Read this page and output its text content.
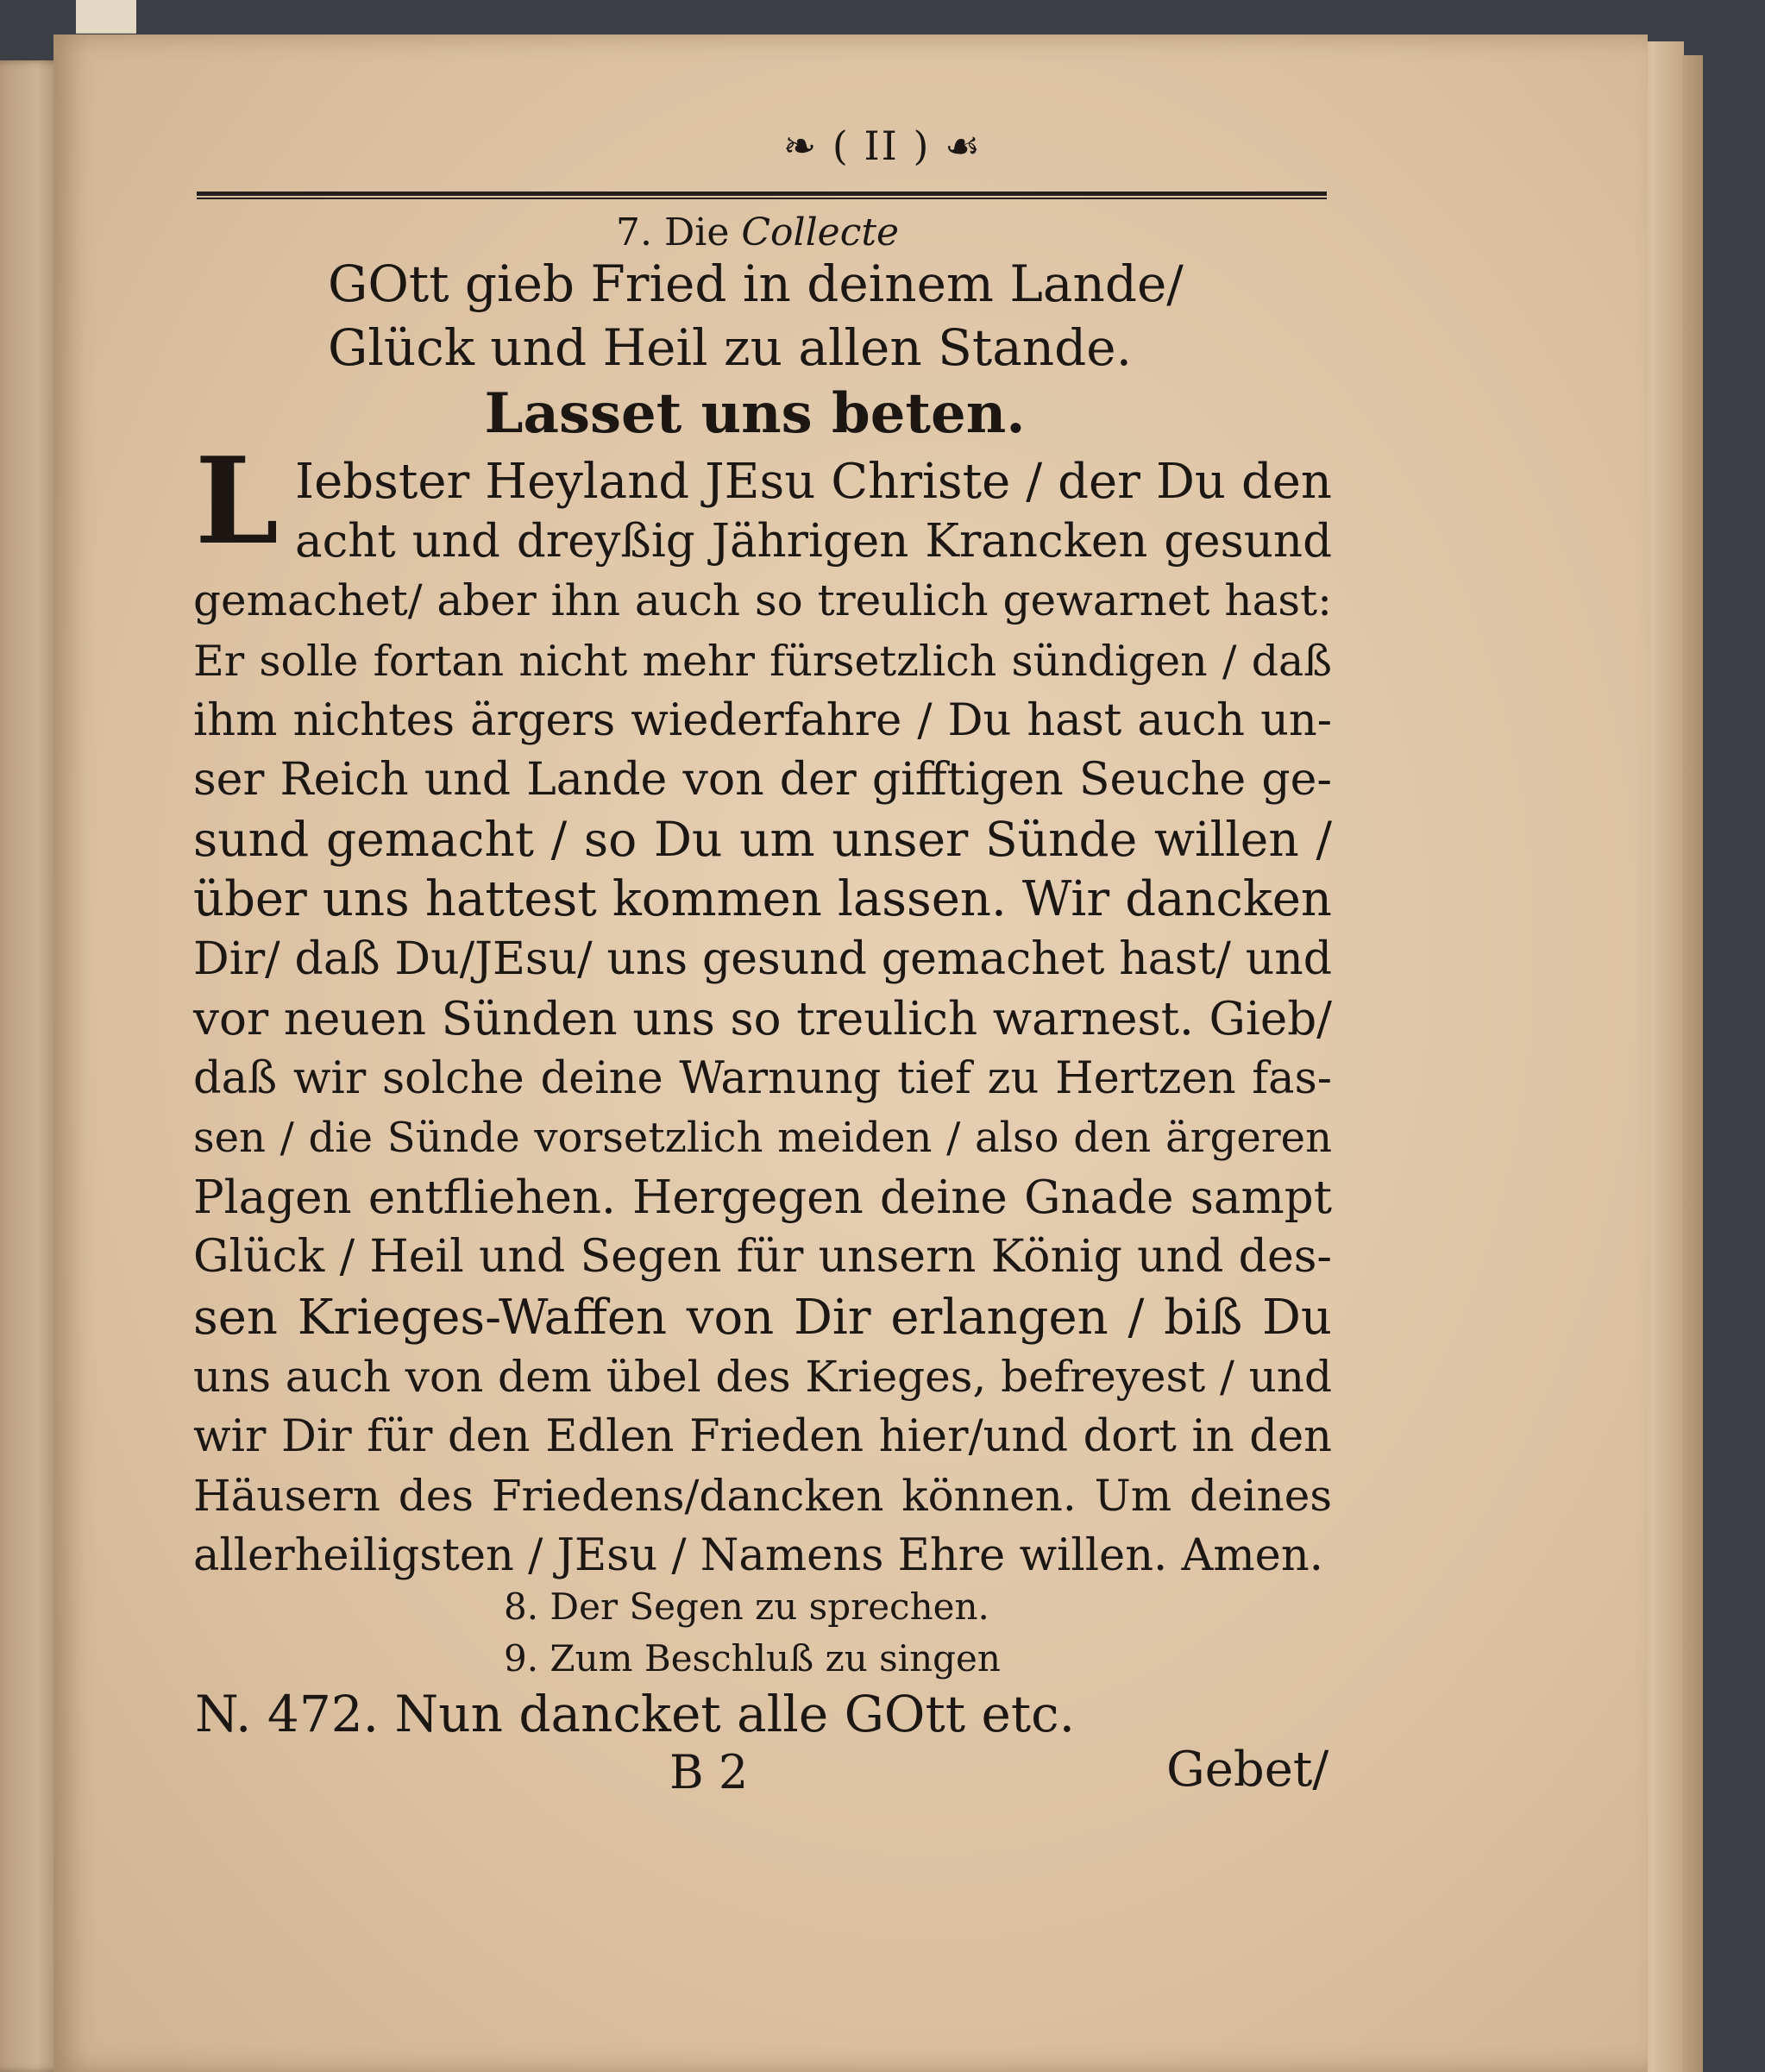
❧ ( II ) ☙
7. Die Collecte
GOtt gieb Fried in deinem Lande/
Glück und Heil zu allen Stande.
Lasset uns beten.
L Iebster Heyland JEsu Christe / der Du den
acht und dreyßig Jährigen Krancken gesund
gemachet/ aber ihn auch so treulich gewarnet hast:
Er solle fortan nicht mehr fürsetzlich sündigen / daß
ihm nichtes ärgers wiederfahre / Du hast auch un-
ser Reich und Lande von der gifftigen Seuche ge-
sund gemacht / so Du um unser Sünde willen /
über uns hattest kommen lassen. Wir dancken
Dir/ daß Du/JEsu/ uns gesund gemachet hast/ und
vor neuen Sünden uns so treulich warnest. Gieb/
daß wir solche deine Warnung tief zu Hertzen fas-
sen / die Sünde vorsetzlich meiden / also den ärgeren
Plagen entfliehen. Hergegen deine Gnade sampt
Glück / Heil und Segen für unsern König und des-
sen Krieges-Waffen von Dir erlangen / biß Du
uns auch von dem übel des Krieges, befreyest / und
wir Dir für den Edlen Frieden hier/und dort in den
Häusern des Friedens/dancken können. Um deines
allerheiligsten / JEsu / Namens Ehre willen. Amen.
8. Der Segen zu sprechen.
9. Zum Beschluß zu singen
N. 472. Nun dancket alle GOtt etc.
B 2	Gebet/
